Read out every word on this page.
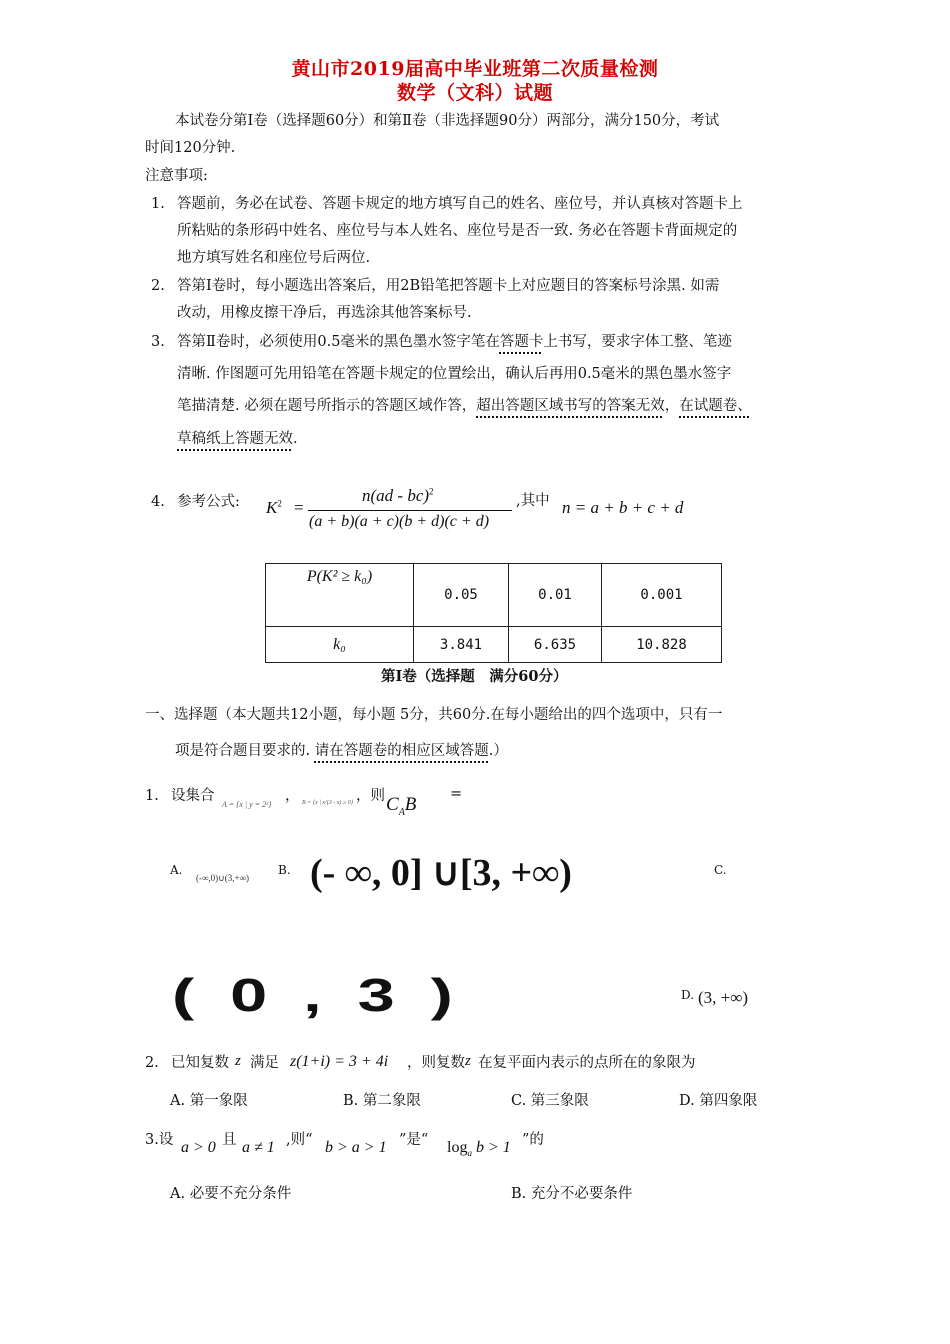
黄山市2019届高中毕业班第二次质量检测
数学（文科）试题
本试卷分第Ⅰ卷（选择题60分）和第Ⅱ卷（非选择题90分）两部分，满分150分，考试
时间120分钟.
注意事项:
1. 答题前，务必在试卷、答题卡规定的地方填写自己的姓名、座位号，并认真核对答题卡上
所粘贴的条形码中姓名、座位号与本人姓名、座位号是否一致. 务必在答题卡背面规定的
地方填写姓名和座位号后两位.
2. 答第Ⅰ卷时，每小题选出答案后，用2B铅笔把答题卡上对应题目的答案标号涂黑. 如需
改动，用橡皮擦干净后，再选涂其他答案标号.
3. 答第Ⅱ卷时，必须使用0.5毫米的黑色墨水签字笔在答题卡上书写，要求字体工整、笔迹
清晰. 作图题可先用铅笔在答题卡规定的位置绘出，确认后再用0.5毫米的黑色墨水签字
笔描清楚. 必须在题号所指示的答题区域作答，超出答题区域书写的答案无效，在试题卷、
草稿纸上答题无效.
4. 参考公式: $K^2$ =
n(ad - bc)$^2$
(a + b)(a + c)(b + d)(c + d)
,其中 n = a + b + c + d
P(K² ≥ k₀)	0.05	0.01	0.001
k₀	3.841	6.635	10.828
第Ⅰ卷（选择题　满分60分）
一、选择题（本大题共12小题，每小题 5分，共60分.在每小题给出的四个选项中，只有一
项是符合题目要求的. 请在答题卷的相应区域答题.）
1. 设集合
A = {x | y = 2ˣ}
， B = {x | x/(3 - x) ≥ 0} ，则 $C_AB$ =
A.
(-∞,0)∪(3,+∞)
B. (- ∞, 0] ∪[3, +∞)	C.
( 0 , 3 )	D. (3, +∞)
2. 已知复数 z 满足 z(1+i) = 3 + 4i ，则复数 z 在复平面内表示的点所在的象限为
A. 第一象限	B. 第二象限	C. 第三象限	D. 第四象限
3.设 a > 0 且 a ≠ 1 ,则“ b > a > 1 ”是“ $\log_a b > 1$ ”的
A. 必要不充分条件	B. 充分不必要条件
